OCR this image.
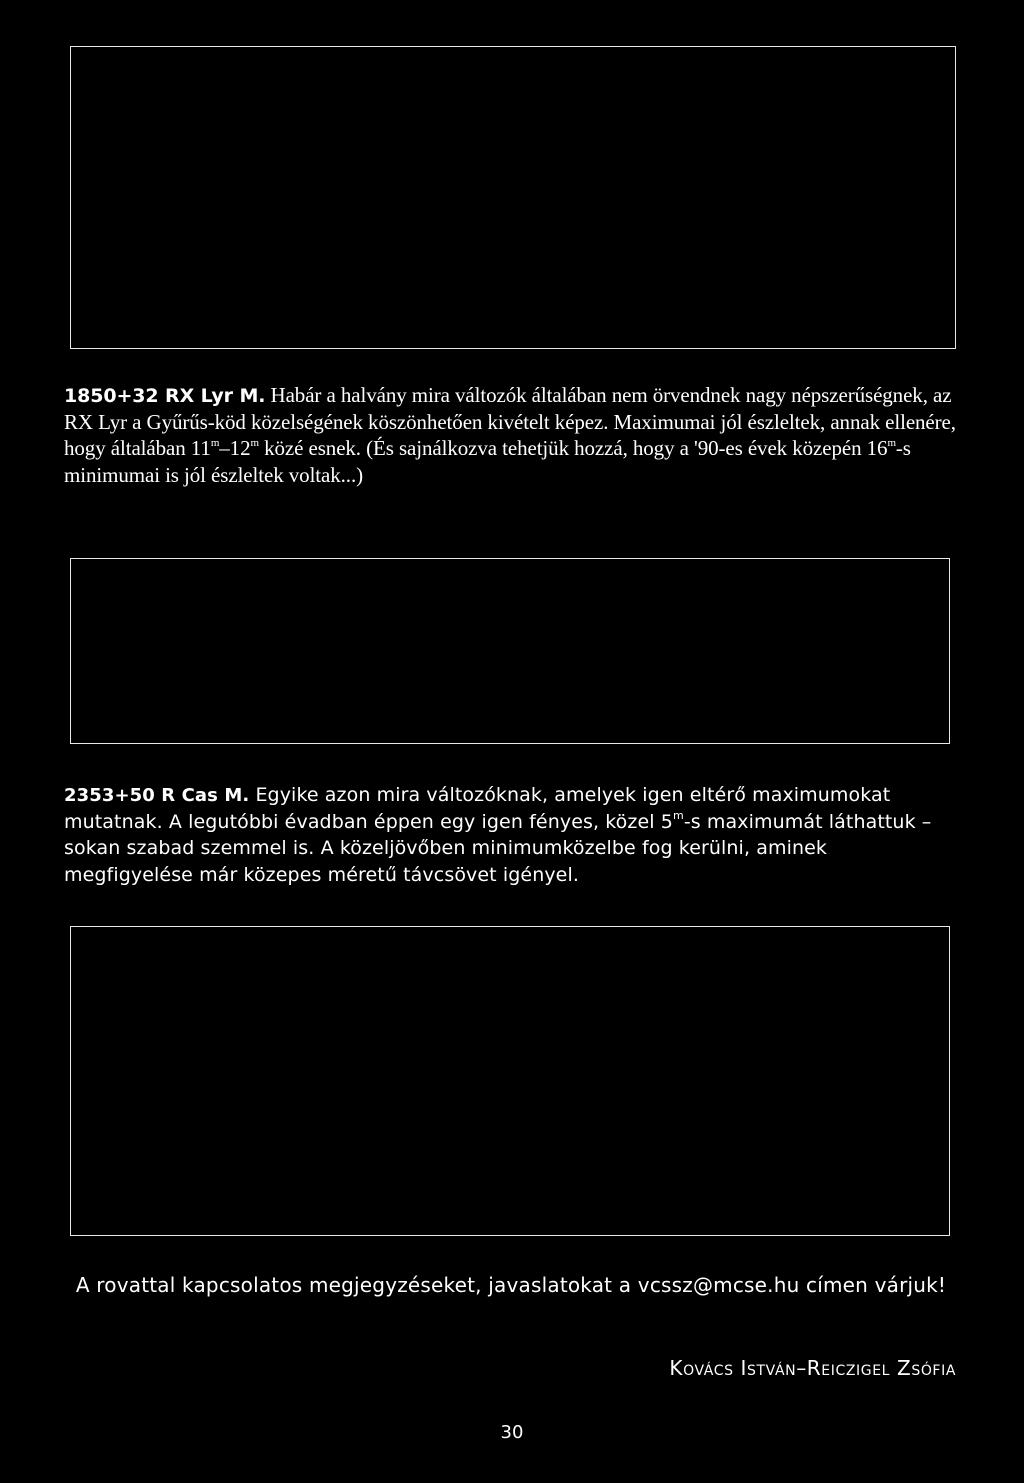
1850+32 RX Lyr M. Habár a halvány mira változók általában nem örvendnek nagy népszerűségnek, az RX Lyr a Gyűrűs-köd közelségének köszönhetően kivételt képez. Maximumai jól észleltek, annak ellenére, hogy általában 11$^m$–12$^m$ közé esnek. (És sajnálkozva tehetjük hozzá, hogy a '90-es évek közepén 16$^m$-s minimumai is jól észleltek voltak...)

2353+50 R Cas M. Egyike azon mira változóknak, amelyek igen eltérő maximumokat mutatnak. A legutóbbi évadban éppen egy igen fényes, közel 5$^m$-s maximumát láthattuk – sokan szabad szemmel is. A közeljövőben minimumközelbe fog kerülni, aminek megfigyelése már közepes méretű távcsövet igényel.

A rovattal kapcsolatos megjegyzéseket, javaslatokat a vcssz@mcse.hu címen várjuk!

Kovács István–Reiczigel Zsófia

30
